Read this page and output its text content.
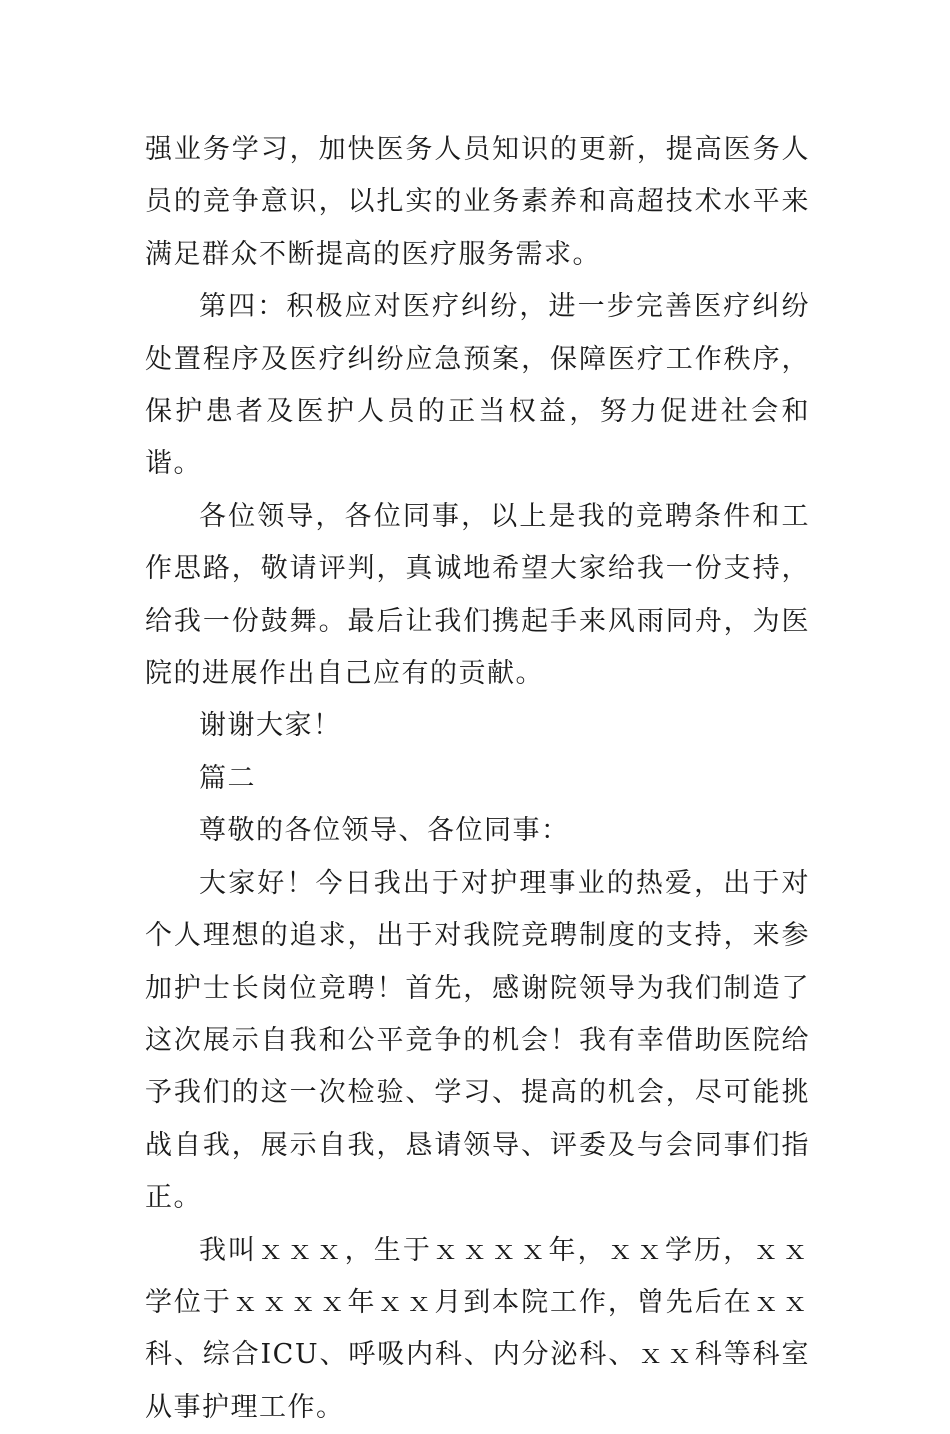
强业务学习，加快医务人员知识的更新，提高医务人员的竞争意识，以扎实的业务素养和高超技术水平来满足群众不断提高的医疗服务需求。

第四：积极应对医疗纠纷，进一步完善医疗纠纷处置程序及医疗纠纷应急预案，保障医疗工作秩序，保护患者及医护人员的正当权益，努力促进社会和谐。

各位领导，各位同事，以上是我的竞聘条件和工作思路，敬请评判，真诚地希望大家给我一份支持，给我一份鼓舞。最后让我们携起手来风雨同舟，为医院的进展作出自己应有的贡献。

谢谢大家！

篇二

尊敬的各位领导、各位同事：

大家好！今日我出于对护理事业的热爱，出于对个人理想的追求，出于对我院竞聘制度的支持，来参加护士长岗位竞聘！首先，感谢院领导为我们制造了这次展示自我和公平竞争的机会！我有幸借助医院给予我们的这一次检验、学习、提高的机会，尽可能挑战自我，展示自我，恳请领导、评委及与会同事们指正。

我叫ｘｘｘ，生于ｘｘｘｘ年，ｘｘ学历，ｘｘ学位于ｘｘｘｘ年ｘｘ月到本院工作，曾先后在ｘｘ科、综合ICU、呼吸内科、内分泌科、ｘｘ科等科室从事护理工作。
